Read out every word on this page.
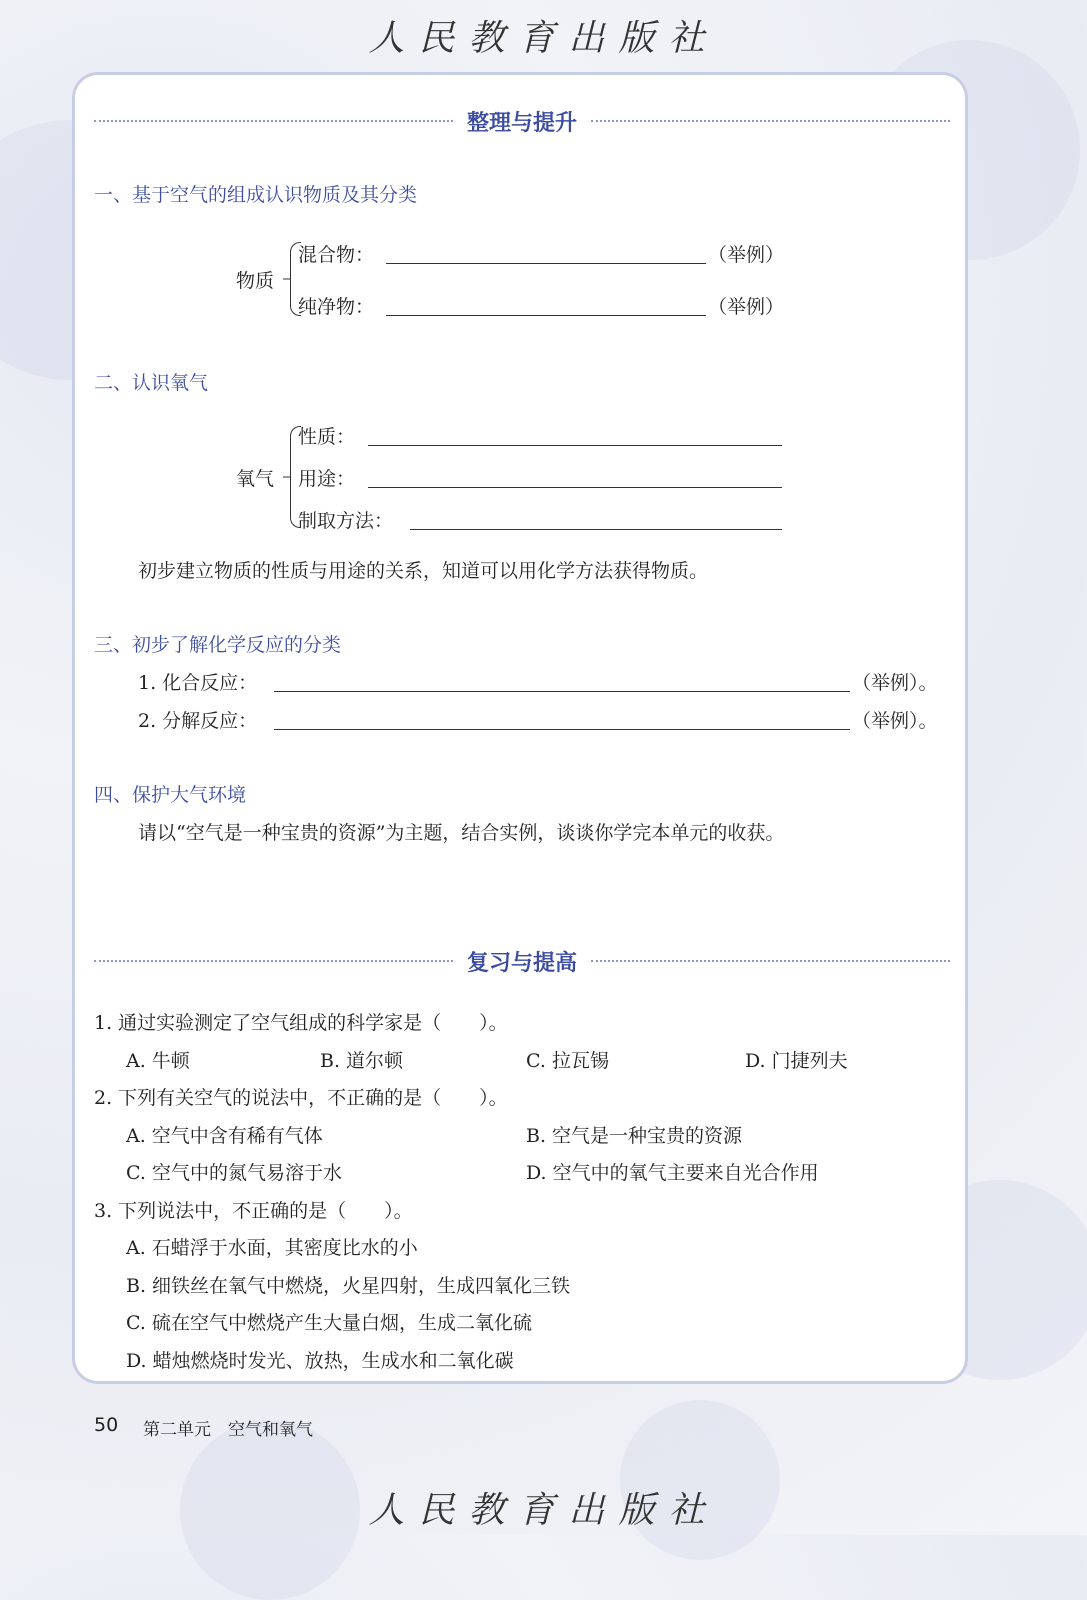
人民教育出版社
整理与提升
一、基于空气的组成认识物质及其分类
物质
混合物：	（举例）
纯净物：	（举例）
二、认识氧气
氧气
性质：
用途：
制取方法：
初步建立物质的性质与用途的关系，知道可以用化学方法获得物质。
三、初步了解化学反应的分类
1. 化合反应：	（举例）。
2. 分解反应：	（举例）。
四、保护大气环境
请以“空气是一种宝贵的资源”为主题，结合实例，谈谈你学完本单元的收获。
复习与提高
1. 通过实验测定了空气组成的科学家是（　　）。
A. 牛顿	B. 道尔顿	C. 拉瓦锡	D. 门捷列夫
2. 下列有关空气的说法中，不正确的是（　　）。
A. 空气中含有稀有气体	B. 空气是一种宝贵的资源
C. 空气中的氮气易溶于水	D. 空气中的氧气主要来自光合作用
3. 下列说法中，不正确的是（　　）。
A. 石蜡浮于水面，其密度比水的小
B. 细铁丝在氧气中燃烧，火星四射，生成四氧化三铁
C. 硫在空气中燃烧产生大量白烟，生成二氧化硫
D. 蜡烛燃烧时发光、放热，生成水和二氧化碳
50 第二单元　空气和氧气
人民教育出版社
